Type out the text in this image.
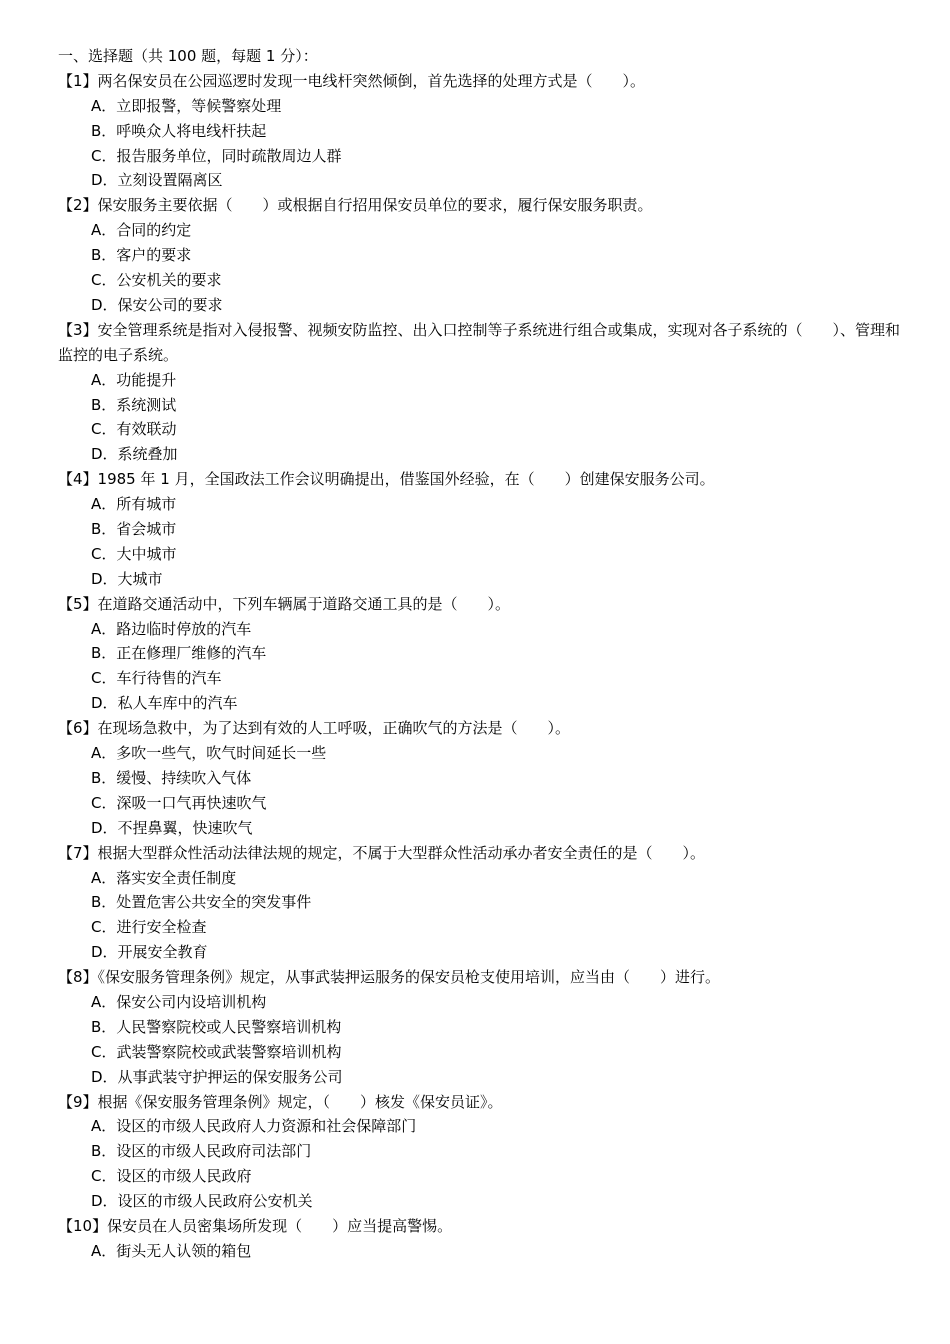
一、选择题（共 100 题，每题 1 分）：
【1】两名保安员在公园巡逻时发现一电线杆突然倾倒，首先选择的处理方式是（　　）。
A．立即报警，等候警察处理
B．呼唤众人将电线杆扶起
C．报告服务单位，同时疏散周边人群
D．立刻设置隔离区
【2】保安服务主要依据（　　）或根据自行招用保安员单位的要求，履行保安服务职责。
A．合同的约定
B．客户的要求
C．公安机关的要求
D．保安公司的要求
【3】安全管理系统是指对入侵报警、视频安防监控、出入口控制等子系统进行组合或集成，实现对各子系统的（　　）、管理和监控的电子系统。
A．功能提升
B．系统测试
C．有效联动
D．系统叠加
【4】1985 年 1 月，全国政法工作会议明确提出，借鉴国外经验，在（　　）创建保安服务公司。
A．所有城市
B．省会城市
C．大中城市
D．大城市
【5】在道路交通活动中，下列车辆属于道路交通工具的是（　　）。
A．路边临时停放的汽车
B．正在修理厂维修的汽车
C．车行待售的汽车
D．私人车库中的汽车
【6】在现场急救中，为了达到有效的人工呼吸，正确吹气的方法是（　　）。
A．多吹一些气，吹气时间延长一些
B．缓慢、持续吹入气体
C．深吸一口气再快速吹气
D．不捏鼻翼，快速吹气
【7】根据大型群众性活动法律法规的规定，不属于大型群众性活动承办者安全责任的是（　　）。
A．落实安全责任制度
B．处置危害公共安全的突发事件
C．进行安全检查
D．开展安全教育
【8】《保安服务管理条例》规定，从事武装押运服务的保安员枪支使用培训，应当由（　　）进行。
A．保安公司内设培训机构
B．人民警察院校或人民警察培训机构
C．武装警察院校或武装警察培训机构
D．从事武装守护押运的保安服务公司
【9】根据《保安服务管理条例》规定，（　　）核发《保安员证》。
A．设区的市级人民政府人力资源和社会保障部门
B．设区的市级人民政府司法部门
C．设区的市级人民政府
D．设区的市级人民政府公安机关
【10】保安员在人员密集场所发现（　　）应当提高警惕。
A．街头无人认领的箱包
